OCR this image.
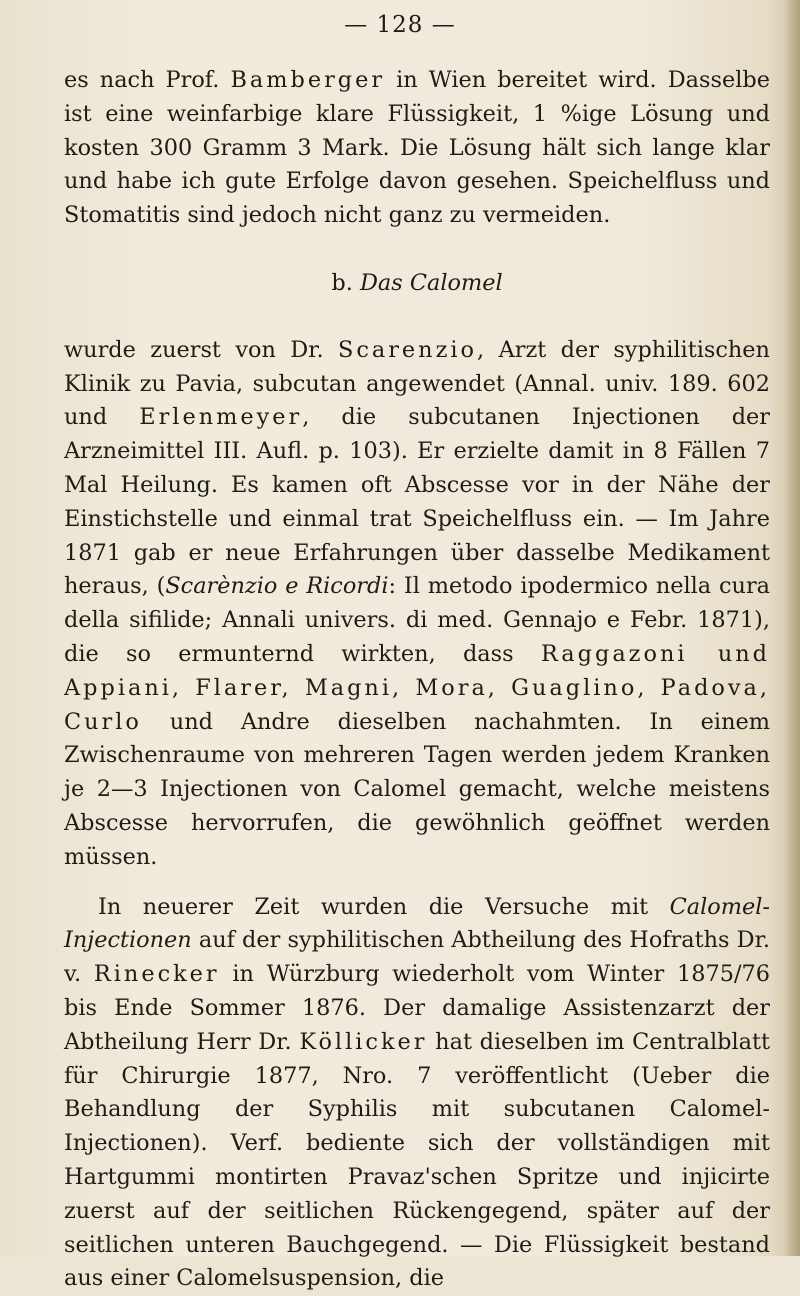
— 128 —

es nach Prof. Bamberger in Wien bereitet wird. Dasselbe ist eine weinfarbige klare Flüssigkeit, 1 %ige Lösung und kosten 300 Gramm 3 Mark. Die Lösung hält sich lange klar und habe ich gute Erfolge davon gesehen. Speichelfluss und Stomatitis sind jedoch nicht ganz zu vermeiden.

b. Das Calomel

wurde zuerst von Dr. Scarenzio, Arzt der syphilitischen Klinik zu Pavia, subcutan angewendet (Annal. univ. 189. 602 und Erlenmeyer, die subcutanen Injectionen der Arzneimittel III. Aufl. p. 103). Er erzielte damit in 8 Fällen 7 Mal Heilung. Es kamen oft Abscesse vor in der Nähe der Einstichstelle und einmal trat Speichelfluss ein. — Im Jahre 1871 gab er neue Erfahrungen über dasselbe Medikament heraus, (Scarènzio e Ricordi: Il metodo ipodermico nella cura della sifilide; Annali univers. di med. Gennajo e Febr. 1871), die so ermunternd wirkten, dass Raggazoni und Appiani, Flarer, Magni, Mora, Guaglino, Padova, Curlo und Andre dieselben nachahmten. In einem Zwischenraume von mehreren Tagen werden jedem Kranken je 2—3 Injectionen von Calomel gemacht, welche meistens Abscesse hervorrufen, die gewöhnlich geöffnet werden müssen.

In neuerer Zeit wurden die Versuche mit Calomel-Injectionen auf der syphilitischen Abtheilung des Hofraths Dr. v. Rinecker in Würzburg wiederholt vom Winter 1875/76 bis Ende Sommer 1876. Der damalige Assistenzarzt der Abtheilung Herr Dr. Köllicker hat dieselben im Centralblatt für Chirurgie 1877, Nro. 7 veröffentlicht (Ueber die Behandlung der Syphilis mit subcutanen Calomel-Injectionen). Verf. bediente sich der vollständigen mit Hartgummi montirten Pravaz'schen Spritze und injicirte zuerst auf der seitlichen Rückengegend, später auf der seitlichen unteren Bauchgegend. — Die Flüssigkeit bestand aus einer Calomelsuspension, die
